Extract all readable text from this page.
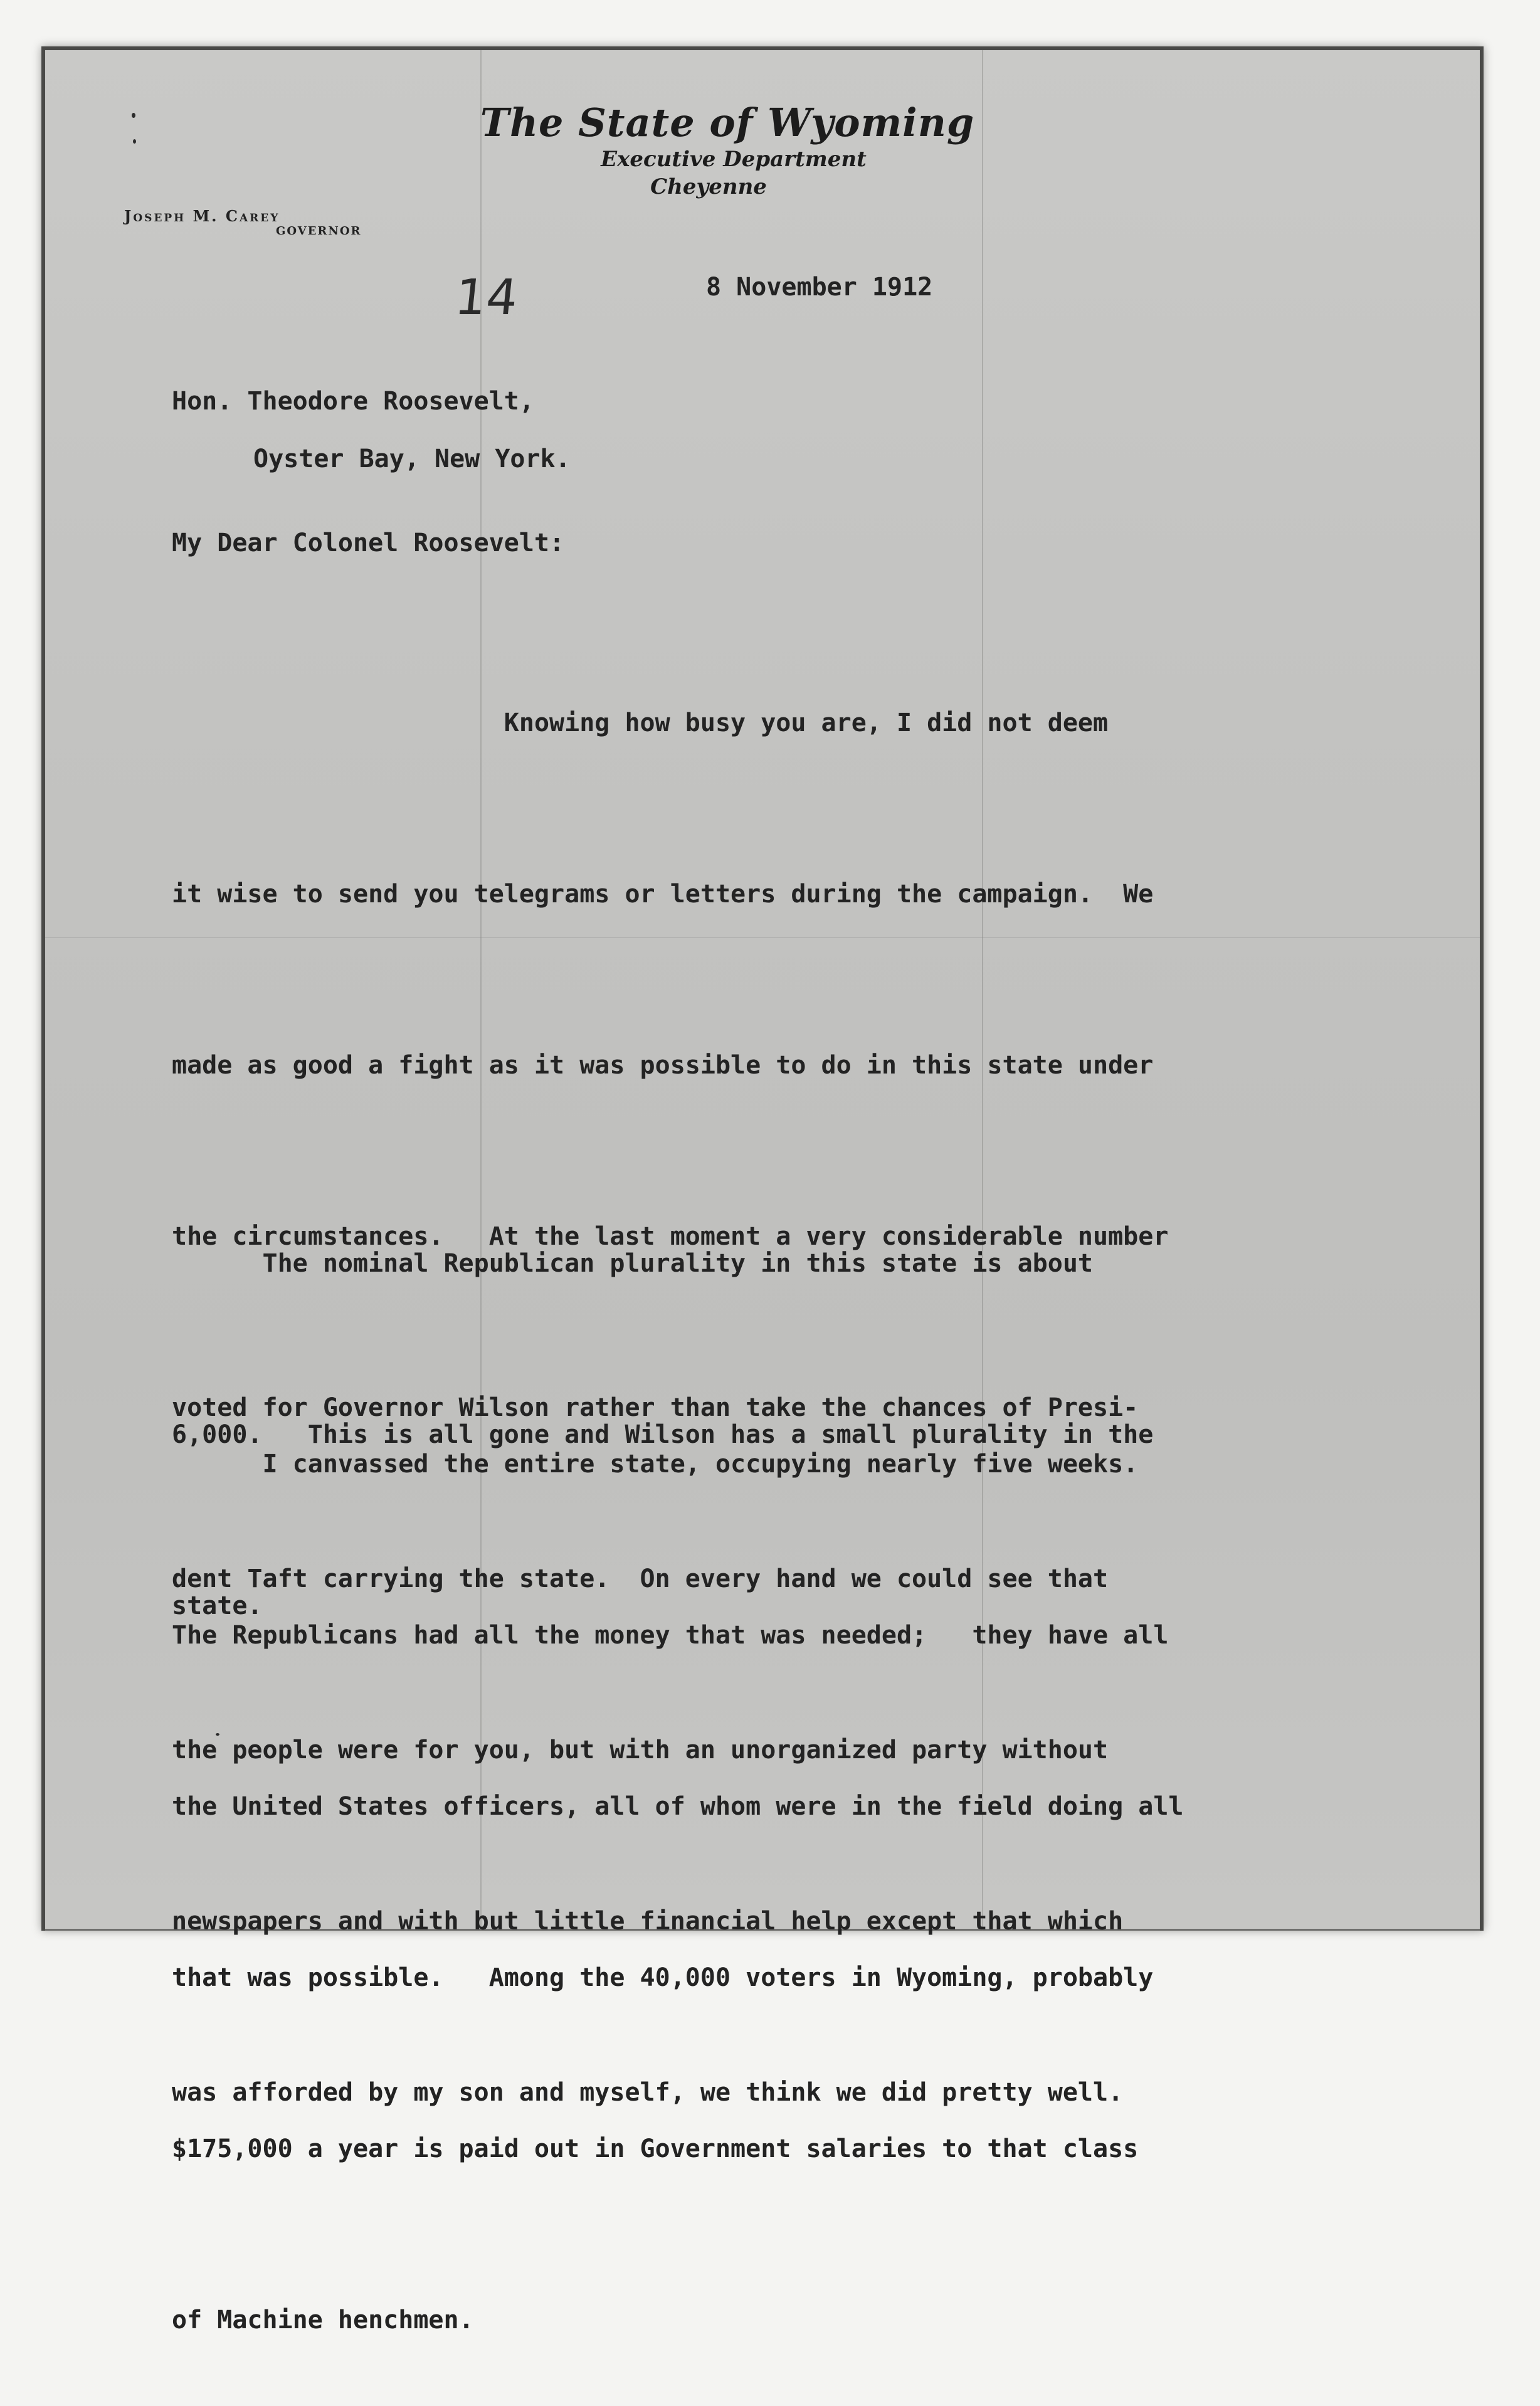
The State of Wyoming
Executive Department
Cheyenne
Joseph M. Carey
GOVERNOR
14	8 November 1912
Hon. Theodore Roosevelt,
Oyster Bay, New York.
My Dear Colonel Roosevelt:

Knowing how busy you are, I did not deem

it wise to send you telegrams or letters during the campaign.  We

made as good a fight as it was possible to do in this state under

the circumstances.   At the last moment a very considerable number

voted for Governor Wilson rather than take the chances of Presi-

dent Taft carrying the state.  On every hand we could see that

the people were for you, but with an unorganized party without

newspapers and with but little financial help except that which

was afforded by my son and myself, we think we did pretty well.

The nominal Republican plurality in this state is about

6,000.   This is all gone and Wilson has a small plurality in the

state.

I canvassed the entire state, occupying nearly five weeks.

The Republicans had all the money that was needed;   they have all

the United States officers, all of whom were in the field doing all

that was possible.   Among the 40,000 voters in Wyoming, probably

$175,000 a year is paid out in Government salaries to that class

of Machine henchmen.
